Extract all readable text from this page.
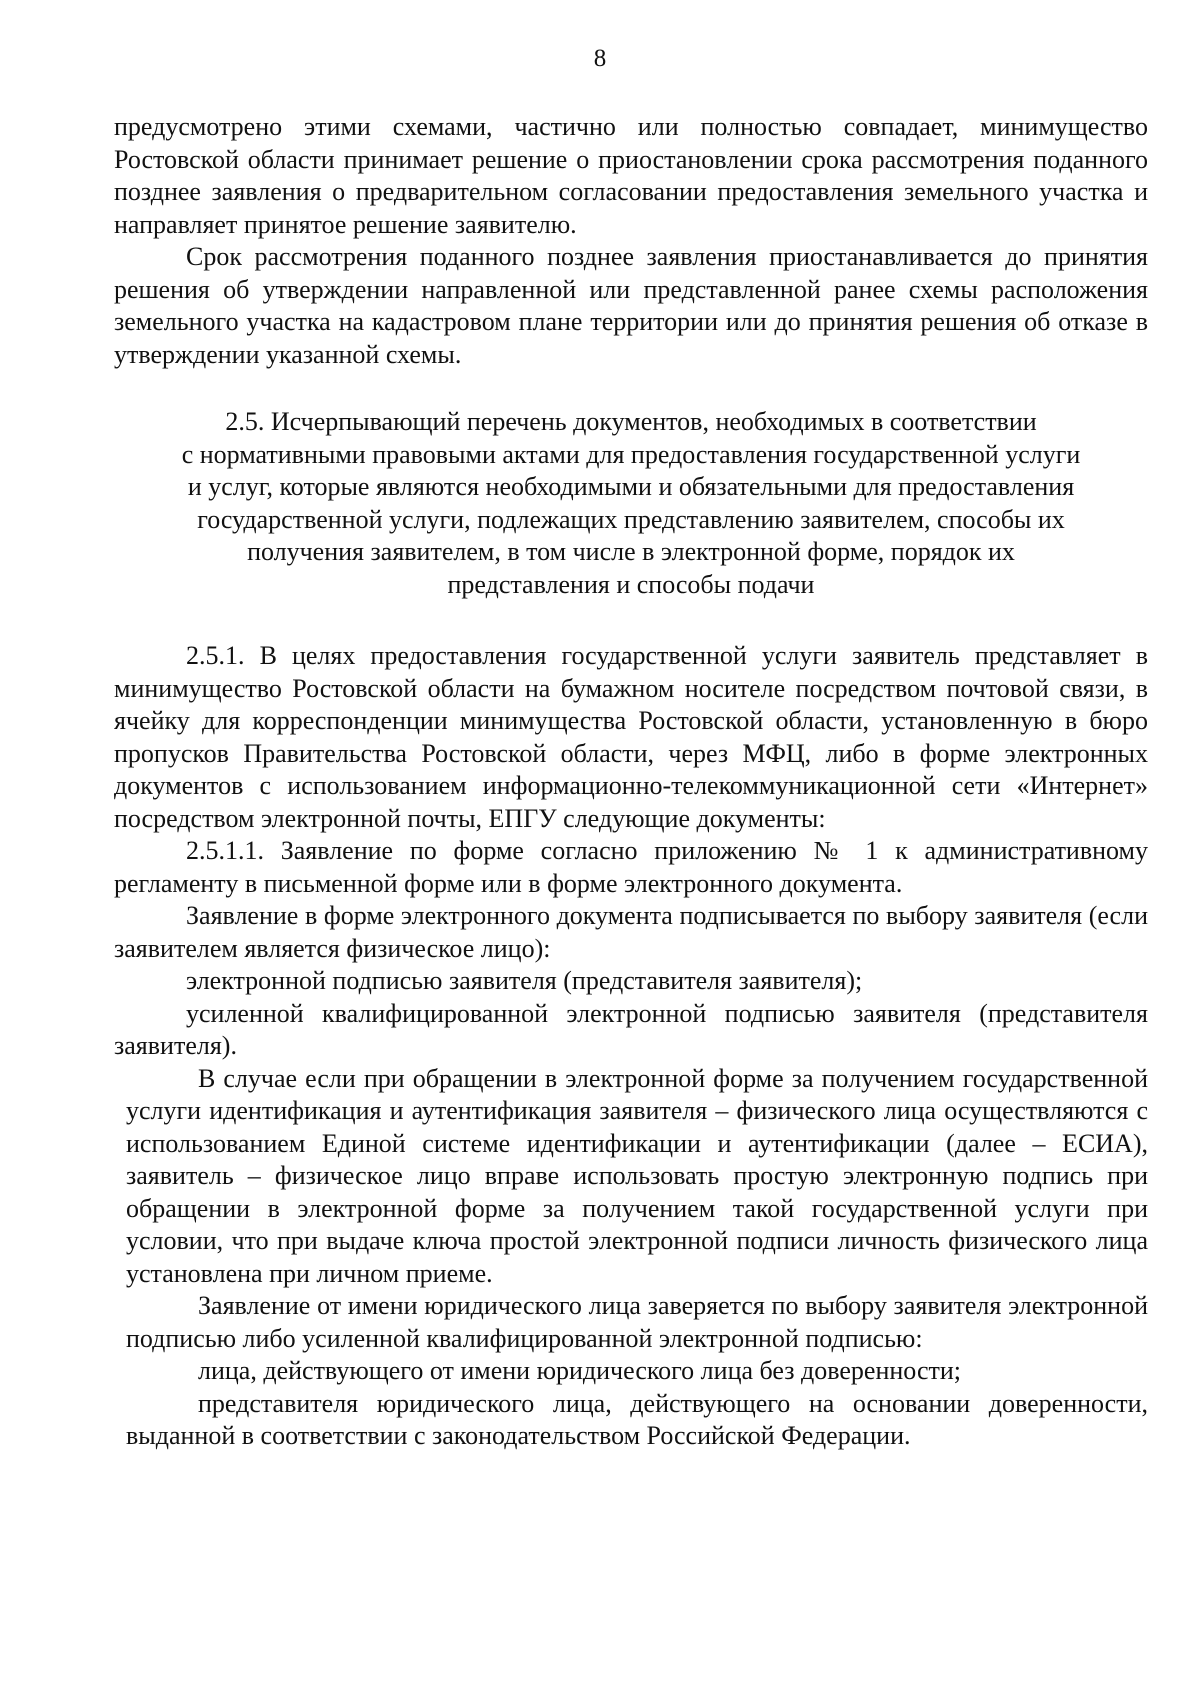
8

предусмотрено этими схемами, частично или полностью совпадает, минимущество Ростовской области принимает решение о приостановлении срока рассмотрения поданного позднее заявления о предварительном согласовании предоставления земельного участка и направляет принятое решение заявителю.

Срок рассмотрения поданного позднее заявления приостанавливается до принятия решения об утверждении направленной или представленной ранее схемы расположения земельного участка на кадастровом плане территории или до принятия решения об отказе в утверждении указанной схемы.

2.5. Исчерпывающий перечень документов, необходимых в соответствии
с нормативными правовыми актами для предоставления государственной услуги
и услуг, которые являются необходимыми и обязательными для предоставления
государственной услуги, подлежащих представлению заявителем, способы их
получения заявителем, в том числе в электронной форме, порядок их
представления и способы подачи

2.5.1. В целях предоставления государственной услуги заявитель представляет в минимущество Ростовской области на бумажном носителе посредством почтовой связи, в ячейку для корреспонденции минимущества Ростовской области, установленную в бюро пропусков Правительства Ростовской области, через МФЦ, либо в форме электронных документов с использованием информационно-телекоммуникационной сети «Интернет» посредством электронной почты, ЕПГУ следующие документы:

2.5.1.1. Заявление по форме согласно приложению № 1 к административному регламенту в письменной форме или в форме электронного документа.

Заявление в форме электронного документа подписывается по выбору заявителя (если заявителем является физическое лицо):

электронной подписью заявителя (представителя заявителя);

усиленной квалифицированной электронной подписью заявителя (представителя заявителя).

В случае если при обращении в электронной форме за получением государственной услуги идентификация и аутентификация заявителя – физического лица осуществляются с использованием Единой системе идентификации и аутентификации (далее – ЕСИА), заявитель – физическое лицо вправе использовать простую электронную подпись при обращении в электронной форме за получением такой государственной услуги при условии, что при выдаче ключа простой электронной подписи личность физического лица установлена при личном приеме.

Заявление от имени юридического лица заверяется по выбору заявителя электронной подписью либо усиленной квалифицированной электронной подписью:

лица, действующего от имени юридического лица без доверенности;

представителя юридического лица, действующего на основании доверенности, выданной в соответствии с законодательством Российской Федерации.
